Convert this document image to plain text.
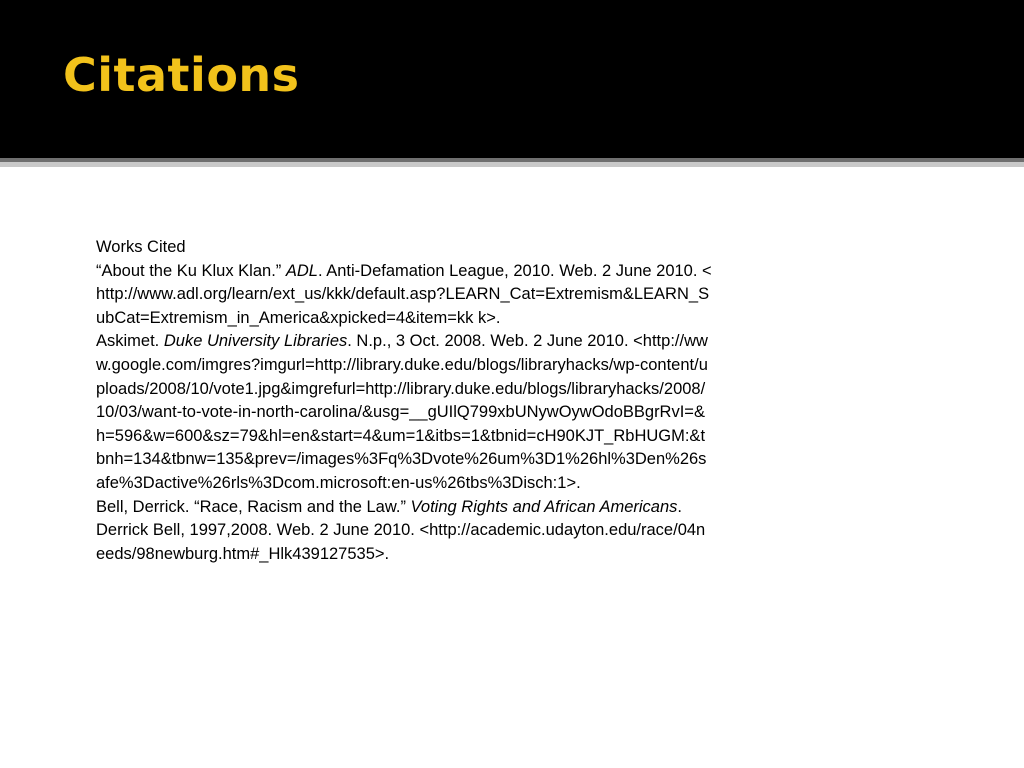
Citations

Works Cited

“About the Ku Klux Klan.” ADL. Anti-Defamation League, 2010. Web. 2 June 2010. <http://www.adl.org/learn/ext_us/kkk/default.asp?LEARN_Cat=Extremism&LEARN_SubCat=Extremism_in_America&xpicked=4&item=kk k>.

Askimet. Duke University Libraries. N.p., 3 Oct. 2008. Web. 2 June 2010. <http://www.google.com/imgres?imgurl=http://library.duke.edu/blogs/libraryhacks/wp-content/uploads/2008/10/vote1.jpg&imgrefurl=http://library.duke.edu/blogs/libraryhacks/2008/10/03/want-to-vote-in-north-carolina/&usg=__gUIlQ799xbUNywOywOdoBBgrRvI=&h=596&w=600&sz=79&hl=en&start=4&um=1&itbs=1&tbnid=cH90KJT_RbHUGM:&tbnh=134&tbnw=135&prev=/images%3Fq%3Dvote%26um%3D1%26hl%3Den%26safe%3Dactive%26rls%3Dcom.microsoft:en-us%26tbs%3Disch:1>.

Bell, Derrick. “Race, Racism and the Law.” Voting Rights and African Americans. Derrick Bell, 1997,2008. Web. 2 June 2010. <http://academic.udayton.edu/race/04needs/98newburg.htm#_Hlk439127535>.
